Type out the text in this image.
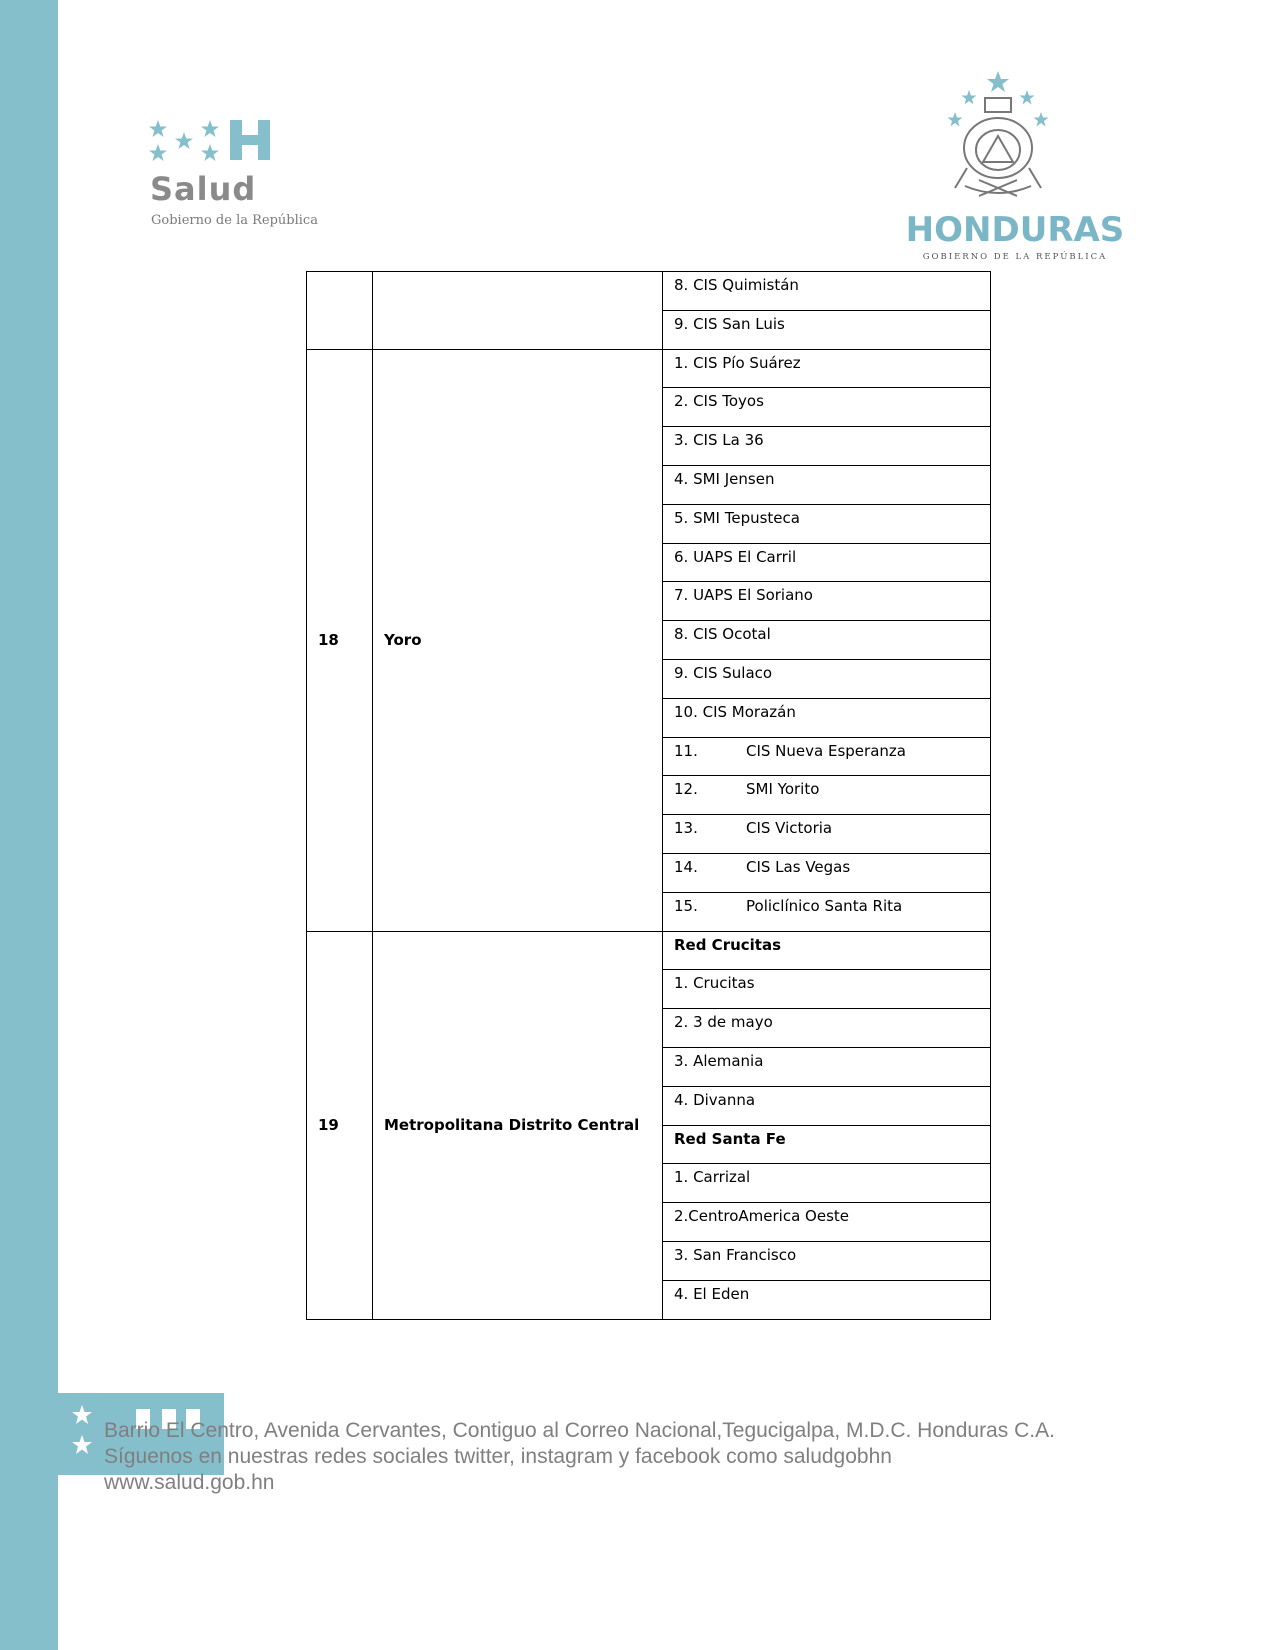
Salud
Gobierno de la República	HONDURAS
GOBIERNO DE LA REPÚBLICA
		8. CIS Quimistán
		9. CIS San Luis
18	Yoro	1. CIS Pío Suárez
		2. CIS Toyos
		3. CIS La 36
		4. SMI Jensen
		5. SMI Tepusteca
		6. UAPS El Carril
		7. UAPS El Soriano
		8. CIS Ocotal
		9. CIS Sulaco
		10. CIS Morazán
		11. CIS Nueva Esperanza
		12. SMI Yorito
		13. CIS Victoria
		14. CIS Las Vegas
		15. Policlínico Santa Rita
19	Metropolitana Distrito Central	Red Crucitas
		1. Crucitas
		2. 3 de mayo
		3. Alemania
		4. Divanna
		Red Santa Fe
		1. Carrizal
		2.CentroAmerica Oeste
		3. San Francisco
		4. El Eden
Barrio El Centro, Avenida Cervantes, Contiguo al Correo Nacional,Tegucigalpa, M.D.C. Honduras C.A.
Síguenos en nuestras redes sociales twitter, instagram y facebook como saludgobhn
www.salud.gob.hn
